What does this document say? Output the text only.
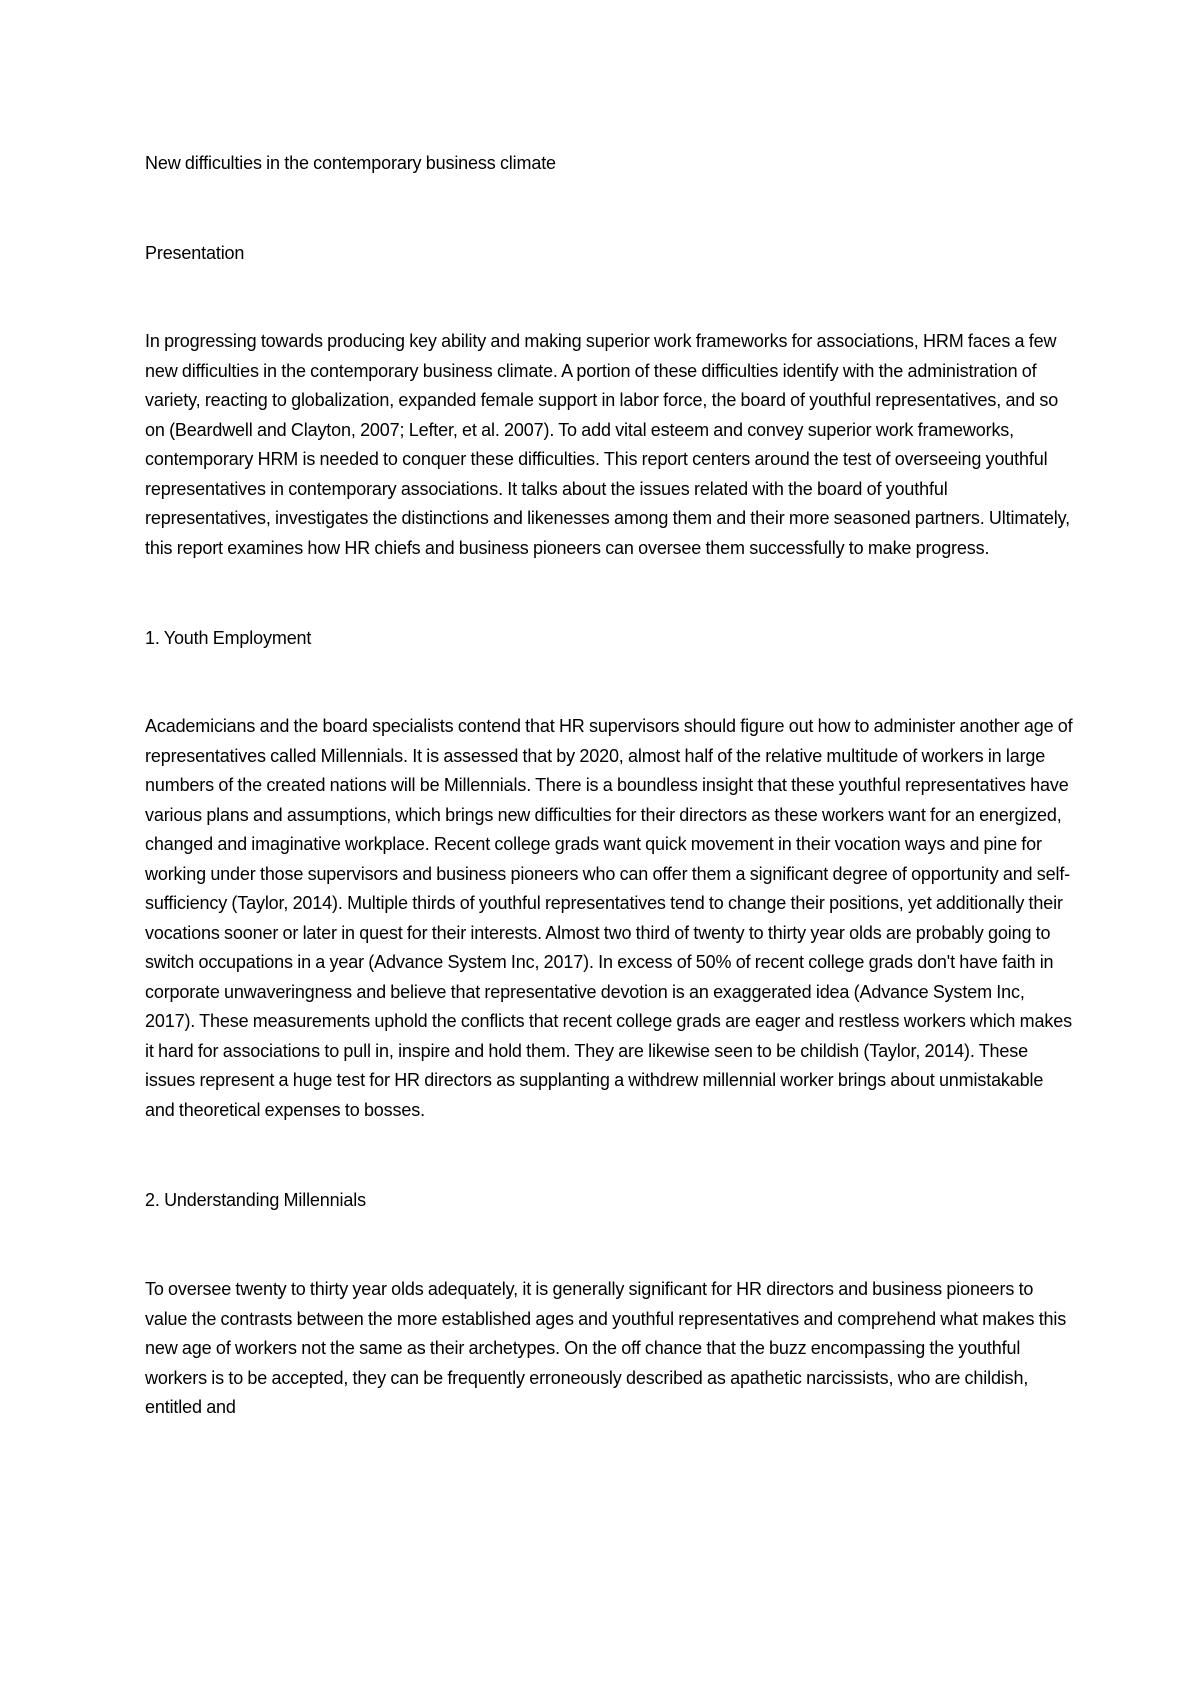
New difficulties in the contemporary business climate

Presentation

In progressing towards producing key ability and making superior work frameworks for associations, HRM faces a few new difficulties in the contemporary business climate. A portion of these difficulties identify with the administration of variety, reacting to globalization, expanded female support in labor force, the board of youthful representatives, and so on (Beardwell and Clayton, 2007; Lefter, et al. 2007). To add vital esteem and convey superior work frameworks, contemporary HRM is needed to conquer these difficulties. This report centers around the test of overseeing youthful representatives in contemporary associations. It talks about the issues related with the board of youthful representatives, investigates the distinctions and likenesses among them and their more seasoned partners. Ultimately, this report examines how HR chiefs and business pioneers can oversee them successfully to make progress.

1. Youth Employment

Academicians and the board specialists contend that HR supervisors should figure out how to administer another age of representatives called Millennials. It is assessed that by 2020, almost half of the relative multitude of workers in large numbers of the created nations will be Millennials. There is a boundless insight that these youthful representatives have various plans and assumptions, which brings new difficulties for their directors as these workers want for an energized, changed and imaginative workplace. Recent college grads want quick movement in their vocation ways and pine for working under those supervisors and business pioneers who can offer them a significant degree of opportunity and self-sufficiency (Taylor, 2014). Multiple thirds of youthful representatives tend to change their positions, yet additionally their vocations sooner or later in quest for their interests. Almost two third of twenty to thirty year olds are probably going to switch occupations in a year (Advance System Inc, 2017). In excess of 50% of recent college grads don't have faith in corporate unwaveringness and believe that representative devotion is an exaggerated idea (Advance System Inc, 2017). These measurements uphold the conflicts that recent college grads are eager and restless workers which makes it hard for associations to pull in, inspire and hold them. They are likewise seen to be childish (Taylor, 2014). These issues represent a huge test for HR directors as supplanting a withdrew millennial worker brings about unmistakable and theoretical expenses to bosses.

2. Understanding Millennials

To oversee twenty to thirty year olds adequately, it is generally significant for HR directors and business pioneers to value the contrasts between the more established ages and youthful representatives and comprehend what makes this new age of workers not the same as their archetypes. On the off chance that the buzz encompassing the youthful workers is to be accepted, they can be frequently erroneously described as apathetic narcissists, who are childish, entitled and
